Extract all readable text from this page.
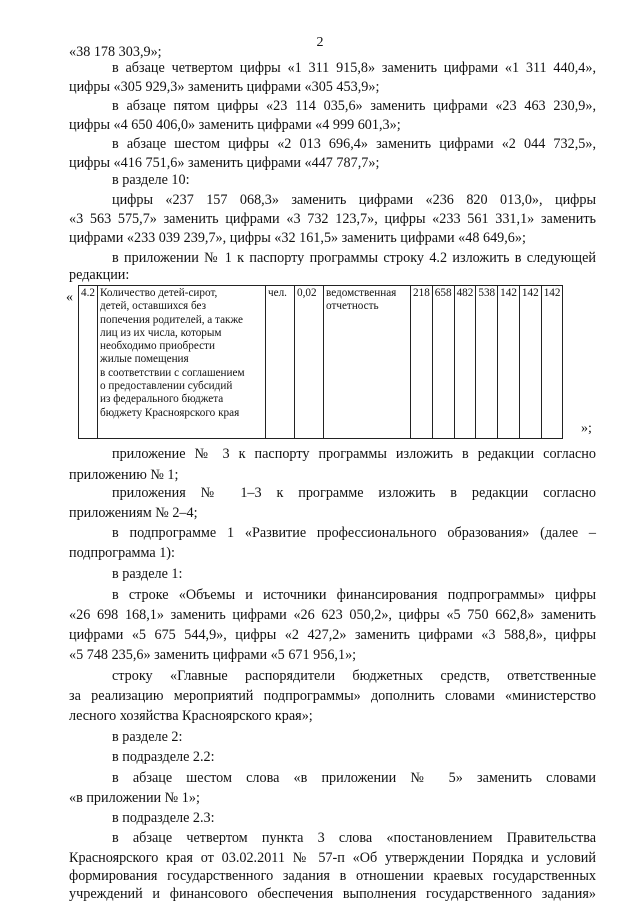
2
«38 178 303,9»;
в абзаце четвертом цифры «1 311 915,8» заменить цифрами «1 311 440,4»,
цифры «305 929,3» заменить цифрами «305 453,9»;
в абзаце пятом цифры «23 114 035,6» заменить цифрами «23 463 230,9»,
цифры «4 650 406,0» заменить цифрами «4 999 601,3»;
в абзаце шестом цифры «2 013 696,4» заменить цифрами «2 044 732,5»,
цифры «416 751,6» заменить цифрами «447 787,7»;
в разделе 10:
цифры «237 157 068,3» заменить цифрами «236 820 013,0», цифры
«3 563 575,7» заменить цифрами «3 732 123,7», цифры «233 561 331,1» заменить
цифрами «233 039 239,7», цифры «32 161,5» заменить цифрами «48 649,6»;
« 4.2	Количество детей-сирот,
детей, оставшихся без
попечения родителей, а также
лиц из их числа, которым
необходимо приобрести
жилые помещения
в соответствии с соглашением
о предоставлении субсидий
из федерального бюджета
бюджету Красноярского края
	чел.	0,02	ведомственная
отчетность
	218	658	482	538	142	142	142
»;
приложение № 3 к паспорту программы изложить в редакции согласно
приложению № 1;
приложения № 1–3 к программе изложить в редакции согласно
приложениям № 2–4;
в подпрограмме 1 «Развитие профессионального образования» (далее –
подпрограмма 1):
в разделе 1:
в строке «Объемы и источники финансирования подпрограммы» цифры
«26 698 168,1» заменить цифрами «26 623 050,2», цифры «5 750 662,8» заменить
цифрами «5 675 544,9», цифры «2 427,2» заменить цифрами «3 588,8», цифры
«5 748 235,6» заменить цифрами «5 671 956,1»;
строку «Главные распорядители бюджетных средств, ответственные
за реализацию мероприятий подпрограммы» дополнить словами «министерство
лесного хозяйства Красноярского края»;
в разделе 2:
в подразделе 2.2:
в абзаце шестом слова «в приложении № 5» заменить словами
«в приложении № 1»;
в подразделе 2.3:
в абзаце четвертом пункта 3 слова «постановлением Правительства
Красноярского края от 03.02.2011 № 57-п «Об утверждении Порядка и условий
формирования государственного задания в отношении краевых государственных
учреждений и финансового обеспечения выполнения государственного задания»
в приложении № 1 к паспорту программы строку 4.2 изложить в следующей
редакции:
